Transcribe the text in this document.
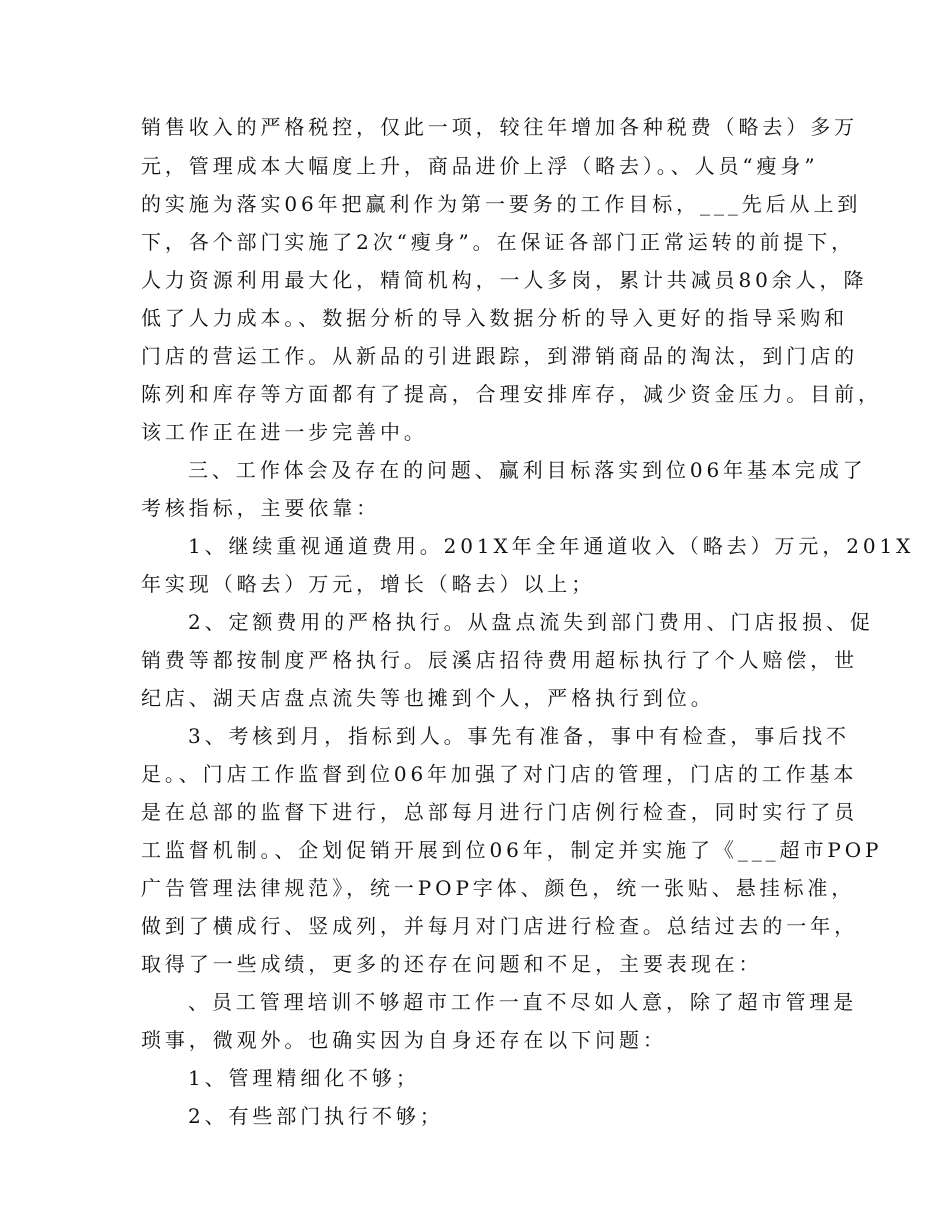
销售收入的严格税控，仅此一项，较往年增加各种税费（略去）多万
元，管理成本大幅度上升，商品进价上浮（略去）。、人员“瘦身”
的实施为落实06年把赢利作为第一要务的工作目标，___先后从上到
下，各个部门实施了2次“瘦身”。在保证各部门正常运转的前提下，
人力资源利用最大化，精简机构，一人多岗，累计共减员80余人，降
低了人力成本。、数据分析的导入数据分析的导入更好的指导采购和
门店的营运工作。从新品的引进跟踪，到滞销商品的淘汰，到门店的
陈列和库存等方面都有了提高，合理安排库存，减少资金压力。目前，
该工作正在进一步完善中。
三、工作体会及存在的问题、赢利目标落实到位06年基本完成了
考核指标，主要依靠：
1、继续重视通道费用。201X年全年通道收入（略去）万元，201X
年实现（略去）万元，增长（略去）以上；
2、定额费用的严格执行。从盘点流失到部门费用、门店报损、促
销费等都按制度严格执行。辰溪店招待费用超标执行了个人赔偿，世
纪店、湖天店盘点流失等也摊到个人，严格执行到位。
3、考核到月，指标到人。事先有准备，事中有检查，事后找不
足。、门店工作监督到位06年加强了对门店的管理，门店的工作基本
是在总部的监督下进行，总部每月进行门店例行检查，同时实行了员
工监督机制。、企划促销开展到位06年，制定并实施了《___超市POP
广告管理法律规范》，统一POP字体、颜色，统一张贴、悬挂标准，
做到了横成行、竖成列，并每月对门店进行检查。总结过去的一年，
取得了一些成绩，更多的还存在问题和不足，主要表现在：
、员工管理培训不够超市工作一直不尽如人意，除了超市管理是
琐事，微观外。也确实因为自身还存在以下问题：
1、管理精细化不够；
2、有些部门执行不够；
